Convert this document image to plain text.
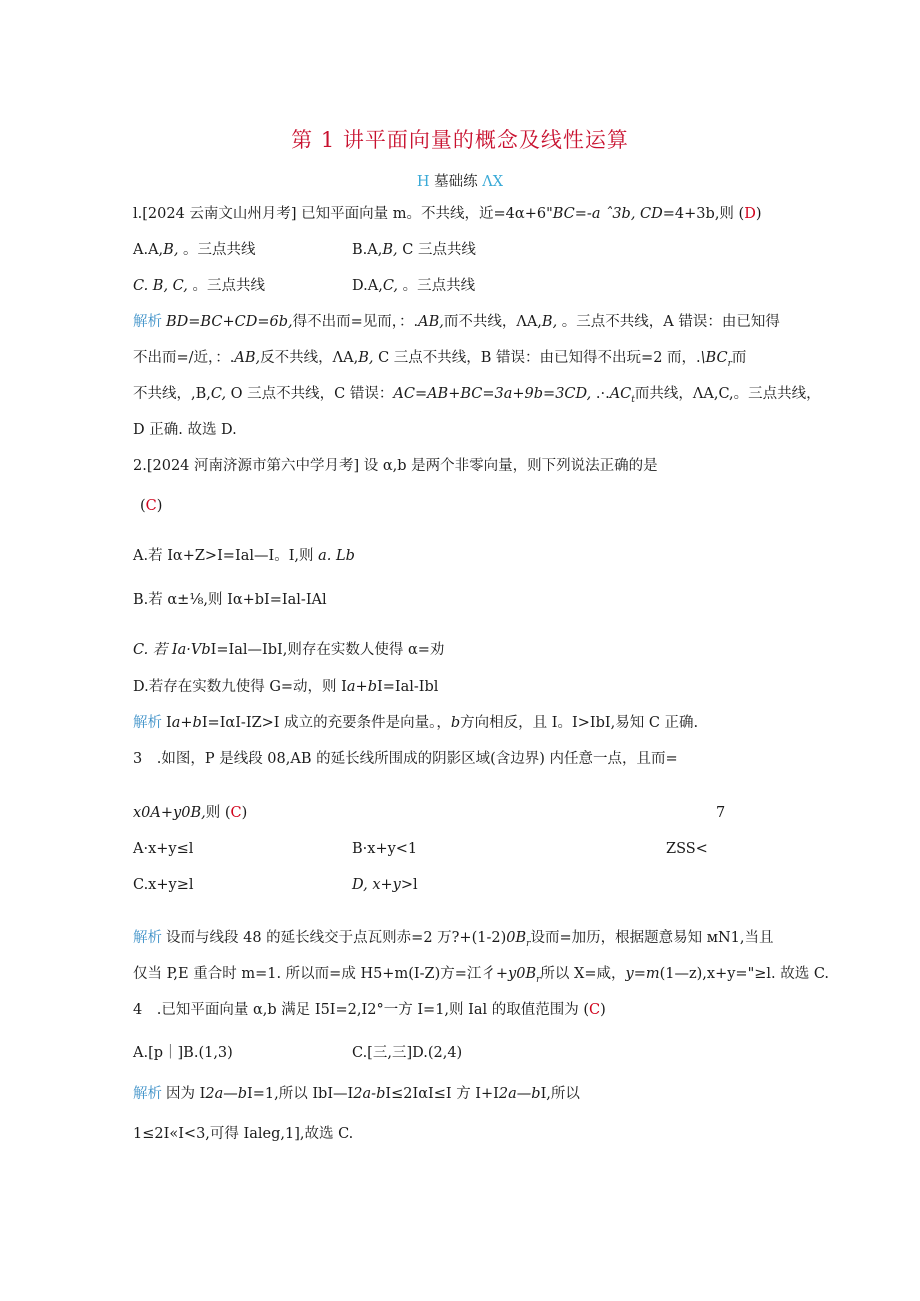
第 1 讲平面向量的概念及线性运算
H 墓础练 ΛX
l.[2024 云南文山州月考] 已知平面向量 m。不共线，近=4α+6"BC=-a ˆ3b, CD=4+3b,则 (D)
A.A,B, 。三点共线	B.A,B, C 三点共线
C. B, C, 。三点共线	D.A,C, 。三点共线
解析 BD=BC+CD=6b,得不出而=见而，：.AB,而不共线，ΛA,B, 。三点不共线，A 错误：由已知得
不出而=/近，：.AB,反不共线，ΛA,B, C 三点不共线，B 错误：由已知得不出玩=2 而，$.\backslash BC_r$而
不共线，,B,C, O 三点不共线，C 错误：AC=AB+BC=3a+9b=3CD, $.\cdot.AC_t$而共线，ΛA,C,。三点共线，
D 正确. 故选 D.
2.[2024 河南济源市第六中学月考] 设 α,b 是两个非零向量，则下列说法正确的是
(C)
A.若 Iα+Z>I=Ial—I。I,则 a. Lb
B.若 α±⅛,则 Iα+bI=Ial-IAl
C. 若 Ia·VbI=Ial—IbI,则存在实数人使得 α=劝
D.若存在实数九使得 G=动，则 Ia+bI=Ial-Ibl
解析 Ia+bI=IαI-IZ>I 成立的充要条件是向量。，b方向相反，且 I。I>IbI,易知 C 正确.
3　.如图，P 是线段 08,AB 的延长线所围成的阴影区域(含边界) 内任意一点，且而=
x0A+y0B,则 (C)	7
ZSS<
A·x+y≤l	B·x+y<1
C.x+y≥l	D, x+y>l
解析 设而与线段 48 的延长线交于点瓦则赤=2 万$?+(1-2)0B_r$设而=加历，根据题意易知 мN1,当且
仅当 P,E 重合时 m=1. 所以而=成 H5+m(I-Z)方=江彳$+y0B_r$所以 X=咸，y=m(1—z),x+y="≥l. 故选 C.
4　.已知平面向量 α,b 满足 I5I=2,I2°一方 I=1,则 Ial 的取值范围为 (C)
A.[p｜]B.(1,3)	C.[三,三]D.(2,4)
解析 因为 I2a—bI=1,所以 IbI—I2a-bI≤2IαI≤I 方 I+I2a—bI,所以
1≤2I«I<3,可得 Ialeg,1],故选 C.
